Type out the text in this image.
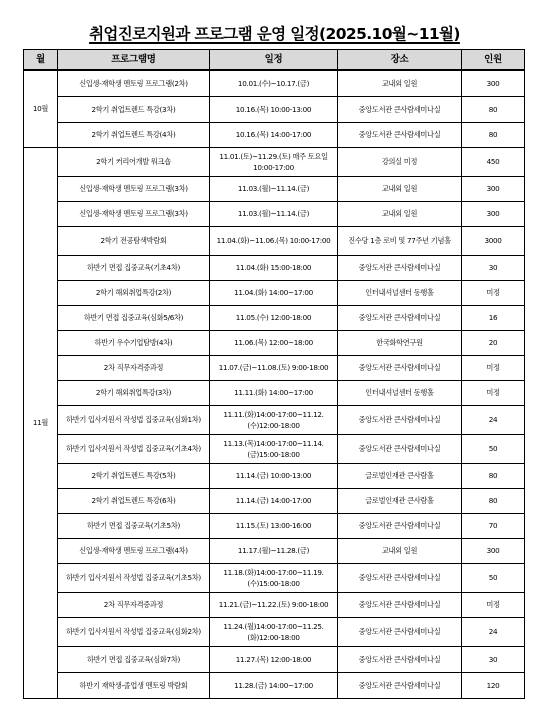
취업진로지원과 프로그램 운영 일정(2025.10월~11월)
월	프로그램명	일정	장소	인원
10월	신입생-재학생 멘토링 프로그램(2차)	10.01.(수)~10.17.(금)	교내외 일원	300
	2학기 취업트렌드 특강(3차)	10.16.(목) 10:00-13:00	중앙도서관 큰사람세미나실	80
	2학기 취업트렌드 특강(4차)	10.16.(목) 14:00-17:00	중앙도서관 큰사람세미나실	80
11월	2학기 커리어개발 워크숍	11.01.(토)~11.29.(토) 매주 토요일 10:00-17:00	강의실 미정	450
	신입생-재학생 멘토링 프로그램(3차)	11.03.(월)~11.14.(금)	교내외 일원	300
	신입생-재학생 멘토링 프로그램(3차)	11.03.(월)~11.14.(금)	교내외 일원	300
	2학기 전공탐색박람회	11.04.(화)~11.06.(목) 10:00-17:00	진수당 1층 로비 및 77주년 기념홀	3000
	하반기 면접 집중교육(기초4차)	11.04.(화) 15:00-18:00	중앙도서관 큰사람세미나실	30
	2학기 해외취업특강(2차)	11.04.(화) 14:00~17:00	인터내셔널센터 동행홀	미정
	하반기 면접 집중교육(심화5/6차)	11.05.(수) 12:00-18:00	중앙도서관 큰사람세미나실	16
	하반기 우수기업탐방(4차)	11.06.(목) 12:00~18:00	한국화학연구원	20
	2차 직무자격증과정	11.07.(금)~11.08.(토) 9:00-18:00	중앙도서관 큰사람세미나실	미정
	2학기 해외취업특강(3차)	11.11.(화) 14:00~17:00	인터내셔널센터 동행홀	미정
	하반기 입사지원서 작성법 집중교육(심화1차)	11.11.(화)14:00-17:00~11.12.(수)12:00-18:00	중앙도서관 큰사람세미나실	24
	하반기 입사지원서 작성법 집중교육(기초4차)	11.13.(목)14:00-17:00~11.14.(금)15:00-18:00	중앙도서관 큰사람세미나실	50
	2학기 취업트렌드 특강(5차)	11.14.(금) 10:00-13:00	글로벌인재관 큰사람홀	80
	2학기 취업트렌드 특강(6차)	11.14.(금) 14:00-17:00	글로벌인재관 큰사람홀	80
	하반기 면접 집중교육(기초5차)	11.15.(토) 13:00-16:00	중앙도서관 큰사람세미나실	70
	신입생-재학생 멘토링 프로그램(4차)	11.17.(월)~11.28.(금)	교내외 일원	300
	하반기 입사지원서 작성법 집중교육(기초5차)	11.18.(화)14:00-17:00~11.19.(수)15:00-18:00	중앙도서관 큰사람세미나실	50
	2차 직무자격증과정	11.21.(금)~11.22.(토) 9:00-18:00	중앙도서관 큰사람세미나실	미정
	하반기 입사지원서 작성법 집중교육(심화2차)	11.24.(월)14:00-17:00~11.25.(화)12:00-18:00	중앙도서관 큰사람세미나실	24
	하반기 면접 집중교육(심화7차)	11.27.(목) 12:00-18:00	중앙도서관 큰사람세미나실	30
	하반기 재학생-졸업생 멘토링 박람회	11.28.(금) 14:00~17:00	중앙도서관 큰사람세미나실	120
